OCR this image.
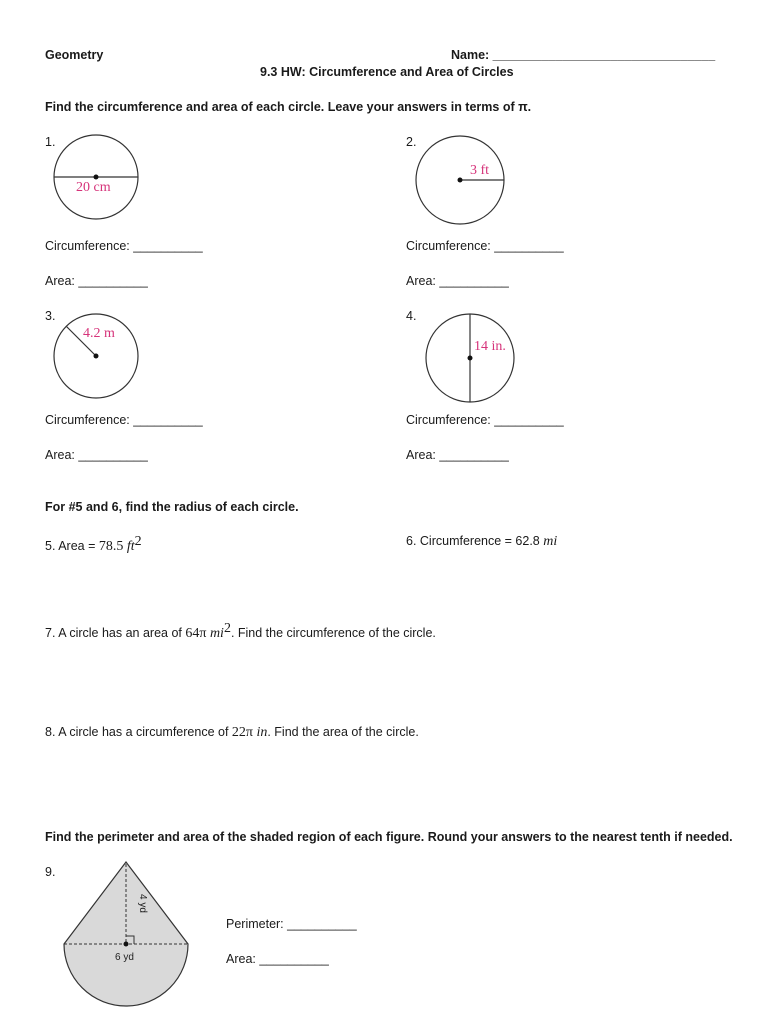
Geometry	Name: ________________________________
9.3 HW: Circumference and Area of Circles
Find the circumference and area of each circle. Leave your answers in terms of π.
1.
20 cm
Circumference: __________
Area: __________
2.
3 ft
Circumference: __________
Area: __________
3.
4.2 m
Circumference: __________
Area: __________
4.
14 in.
Circumference: __________
Area: __________
For #5 and 6, find the radius of each circle.
5. Area = 78.5 $ft^2$	6. Circumference = 62.8 mi
7. A circle has an area of 64π $mi^2$. Find the circumference of the circle.
8. A circle has a circumference of 22π in. Find the area of the circle.
Find the perimeter and area of the shaded region of each figure. Round your answers to the nearest tenth if needed.
9.
4 yd
6 yd
Perimeter: __________
Area: __________
